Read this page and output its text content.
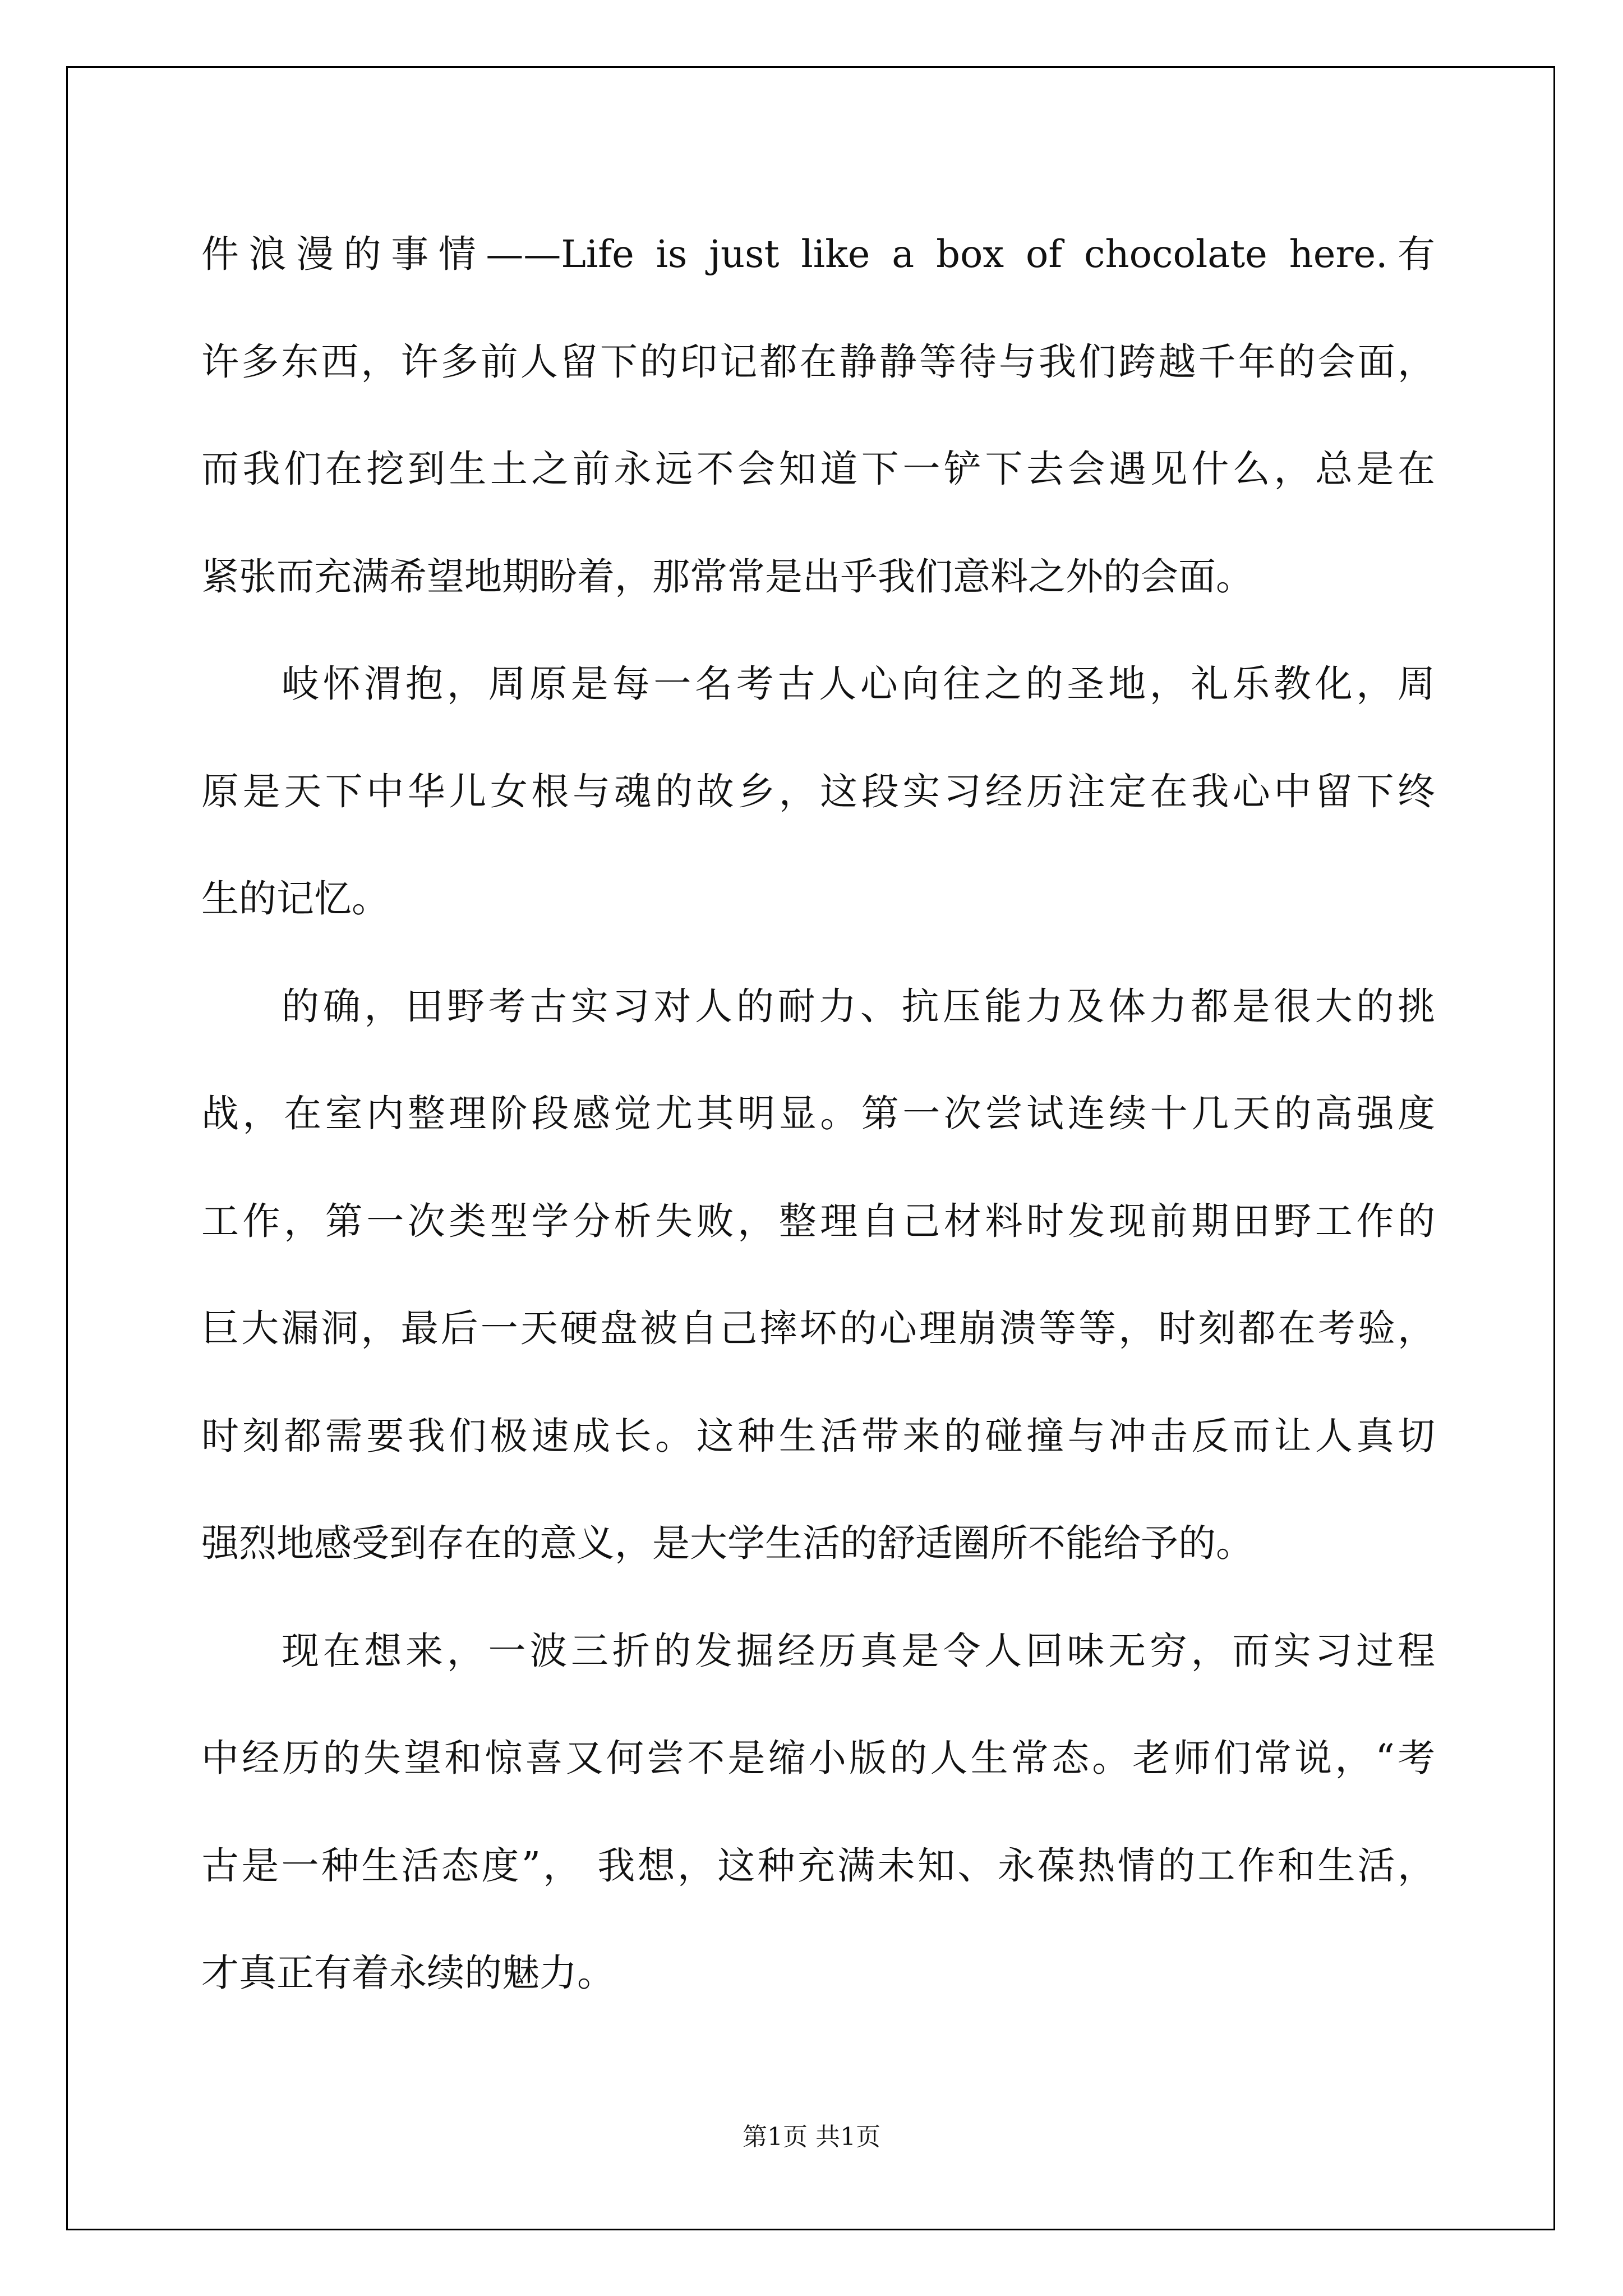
件浪漫的事情——Life is just like a box of chocolate here.有
许多东西，许多前人留下的印记都在静静等待与我们跨越千年的会面，
而我们在挖到生土之前永远不会知道下一铲下去会遇见什么，总是在
紧张而充满希望地期盼着，那常常是出乎我们意料之外的会面。
岐怀渭抱，周原是每一名考古人心向往之的圣地，礼乐教化，周
原是天下中华儿女根与魂的故乡，这段实习经历注定在我心中留下终
生的记忆。
的确，田野考古实习对人的耐力、抗压能力及体力都是很大的挑
战，在室内整理阶段感觉尤其明显。第一次尝试连续十几天的高强度
工作，第一次类型学分析失败，整理自己材料时发现前期田野工作的
巨大漏洞，最后一天硬盘被自己摔坏的心理崩溃等等，时刻都在考验，
时刻都需要我们极速成长。这种生活带来的碰撞与冲击反而让人真切
强烈地感受到存在的意义，是大学生活的舒适圈所不能给予的。
现在想来，一波三折的发掘经历真是令人回味无穷，而实习过程
中经历的失望和惊喜又何尝不是缩小版的人生常态。老师们常说，“考
古是一种生活态度”， 我想，这种充满未知、永葆热情的工作和生活，
才真正有着永续的魅力。
第1页 共1页
